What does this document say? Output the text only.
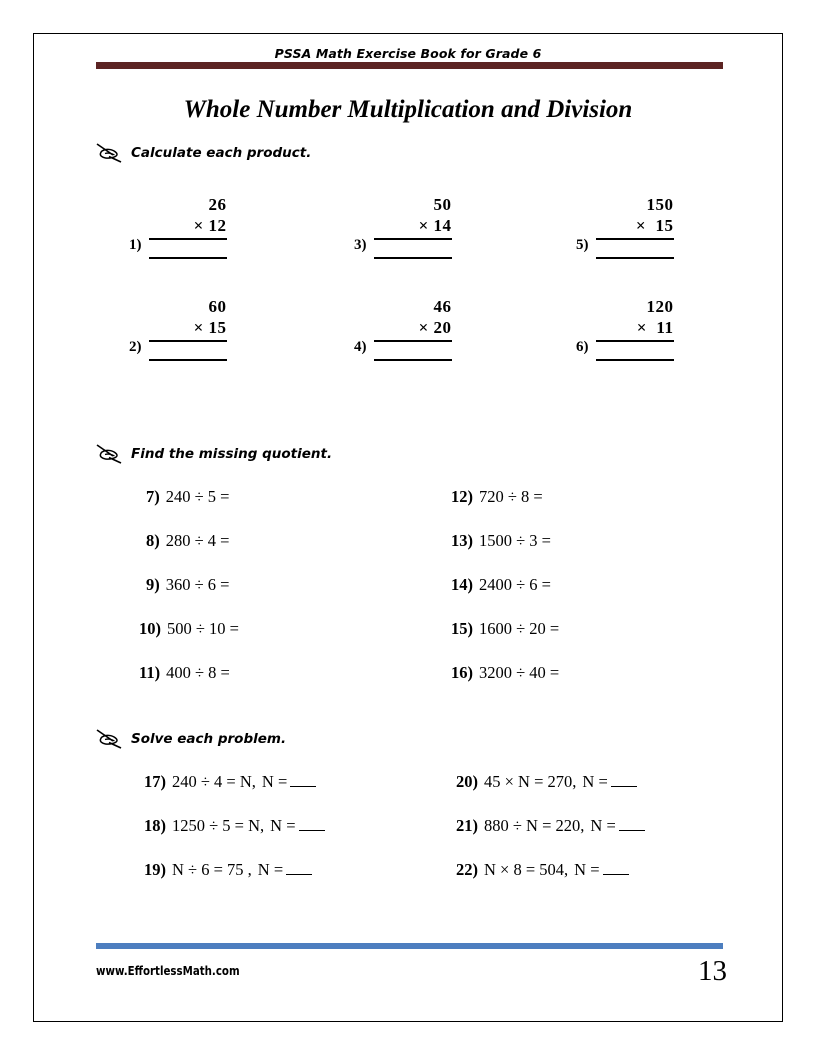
PSSA Math Exercise Book for Grade 6
Whole Number Multiplication and Division
Calculate each product.
1)
26
× 12
2)
60
× 15
3)
50
× 14
4)
46
× 20
5)
150
×  15
6)
120
×  11
Find the missing quotient.
7) 240 ÷ 5 =
8) 280 ÷ 4 =
9) 360 ÷ 6 =
10) 500 ÷ 10 =
11) 400 ÷ 8 =
12) 720 ÷ 8 =
13) 1500 ÷ 3 =
14) 2400 ÷ 6 =
15) 1600 ÷ 20 =
16) 3200 ÷ 40 =
Solve each problem.
17) 240 ÷ 4 = N, N =
18) 1250 ÷ 5 = N, N =
19) N ÷ 6 = 75 , N =
20) 45 × N = 270, N =
21) 880 ÷ N = 220, N =
22) N × 8 = 504, N =
www.EffortlessMath.com	13
